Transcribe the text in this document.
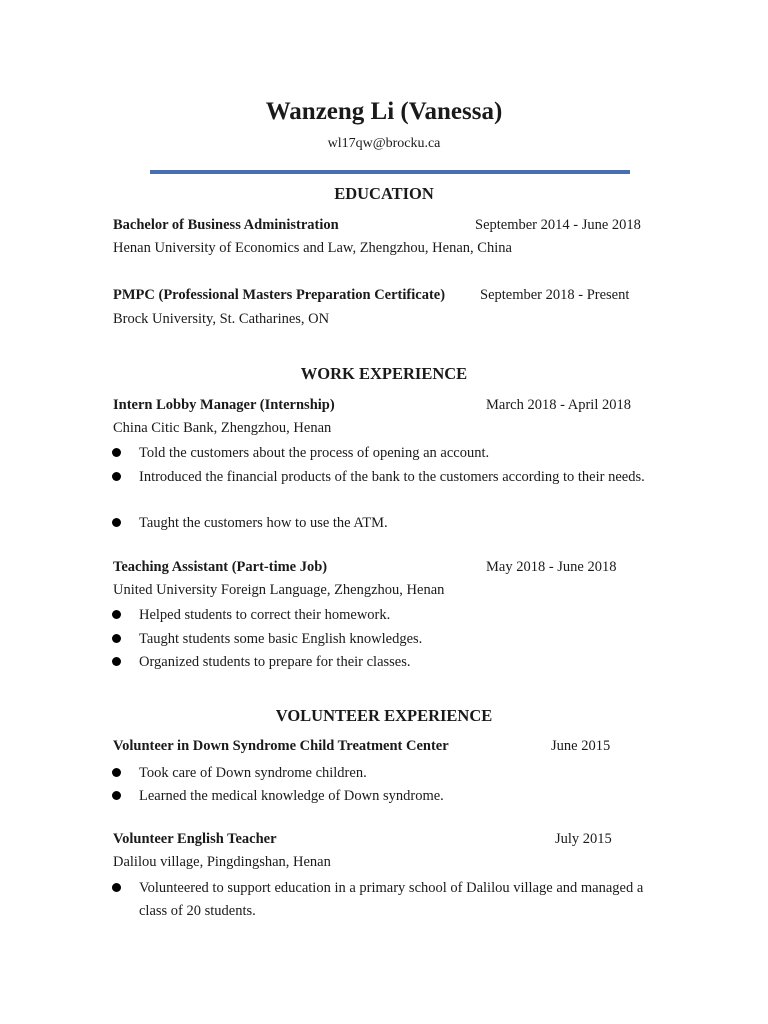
Wanzeng Li (Vanessa)
wl17qw@brocku.ca
EDUCATION
Bachelor of Business Administration	September 2014 - June 2018
Henan University of Economics and Law, Zhengzhou, Henan, China
PMPC (Professional Masters Preparation Certificate) September 2018 - Present
Brock University, St. Catharines, ON
WORK EXPERIENCE
Intern Lobby Manager (Internship)	March 2018 - April 2018
China Citic Bank, Zhengzhou, Henan
Told the customers about the process of opening an account.
Introduced the financial products of the bank to the customers according to their needs.
Taught the customers how to use the ATM.
Teaching Assistant (Part-time Job)	May 2018 - June 2018
United University Foreign Language, Zhengzhou, Henan
Helped students to correct their homework.
Taught students some basic English knowledges.
Organized students to prepare for their classes.
VOLUNTEER EXPERIENCE
Volunteer in Down Syndrome Child Treatment Center	June 2015
Took care of Down syndrome children.
Learned the medical knowledge of Down syndrome.
Volunteer English Teacher	July 2015
Dalilou village, Pingdingshan, Henan
Volunteered to support education in a primary school of Dalilou village and managed a class of 20 students.
